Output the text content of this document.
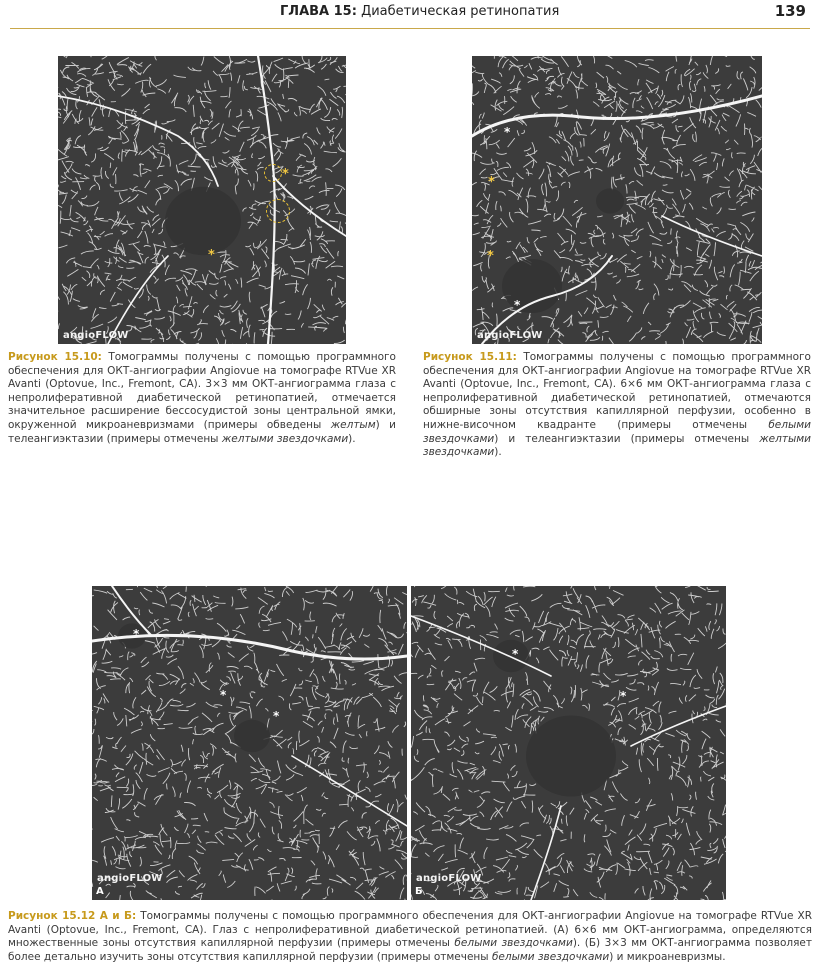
ГЛАВА 15: Диабетическая ретинопатия	139
*
*
angioFLOW
*
*
*
*
angioFLOW
Рисунок 15.10: Томограммы получены с помощью программного обеспечения для ОКТ-ангиографии Angiovue на томографе RTVue XR Avanti (Optovue, Inc., Fremont, CA). 3×3 мм ОКТ-ангиограмма глаза с непролиферативной диабетической ретинопатией, отмечается значительное расширение бессосудистой зоны центральной ямки, окруженной микроаневризмами (примеры обведены желтым) и телеангиэктазии (примеры отмечены желтыми звездочками).
Рисунок 15.11: Томограммы получены с помощью программного обеспечения для ОКТ-ангиографии Angiovue на томографе RTVue XR Avanti (Optovue, Inc., Fremont, CA). 6×6 мм ОКТ-ангиограмма глаза с непролиферативной диабетической ретинопатией, отмечаются обширные зоны отсутствия капиллярной перфузии, особенно в нижне-височном квадранте (примеры отмечены белыми звездочками) и телеангиэктазии (примеры отмечены желтыми звездочками).
*
*
*
angioFLOW
А
*
*
angioFLOW
Б
Рисунок 15.12 А и Б: Томограммы получены с помощью программного обеспечения для ОКТ-ангиографии Angiovue на томографе RTVue XR Avanti (Optovue, Inc., Fremont, CA). Глаз с непролиферативной диабетической ретинопатией. (А) 6×6 мм ОКТ-ангиограмма, определяются множественные зоны отсутствия капиллярной перфузии (примеры отмечены белыми звездочками). (Б) 3×3 мм ОКТ-ангиограмма позволяет более детально изучить зоны отсутствия капиллярной перфузии (примеры отмечены белыми звездочками) и микроаневризмы.
